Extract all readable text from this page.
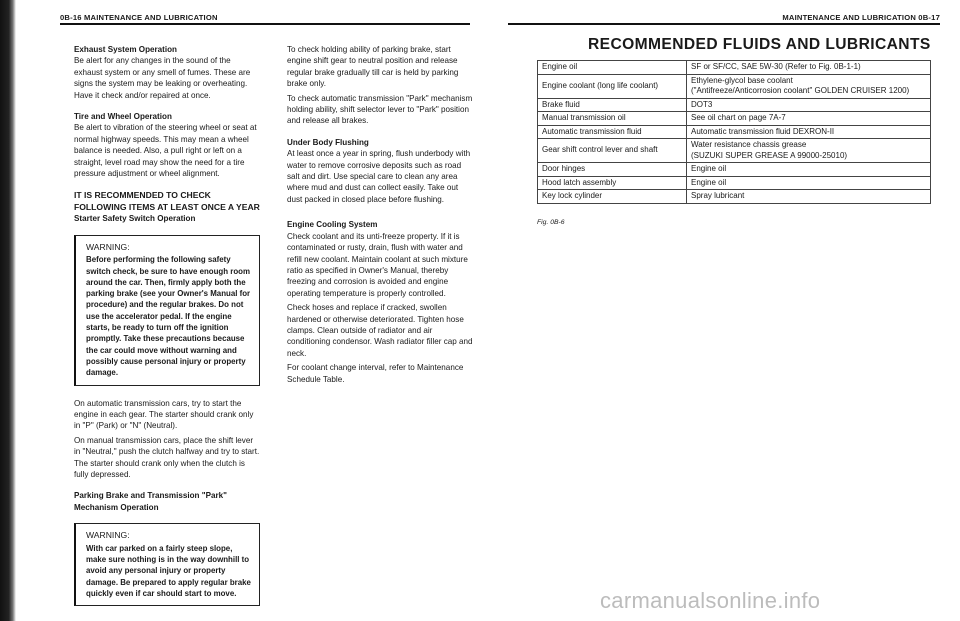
0B-16 MAINTENANCE AND LUBRICATION	MAINTENANCE AND LUBRICATION 0B-17
Exhaust System Operation

Be alert for any changes in the sound of the exhaust system or any smell of fumes. These are signs the system may be leaking or overheating. Have it check and/or repaired at once.

Tire and Wheel Operation

Be alert to vibration of the steering wheel or seat at normal highway speeds. This may mean a wheel balance is needed. Also, a pull right or left on a straight, level road may show the need for a tire pressure adjustment or wheel alignment.

IT IS RECOMMENDED TO CHECK FOLLOWING ITEMS AT LEAST ONCE A YEAR
Starter Safety Switch Operation
WARNING:
Before performing the following safety switch check, be sure to have enough room around the car. Then, firmly apply both the parking brake (see your Owner's Manual for procedure) and the regular brakes. Do not use the accelerator pedal. If the engine starts, be ready to turn off the ignition promptly. Take these precautions because the car could move without warning and possibly cause personal injury or property damage.

On automatic transmission cars, try to start the engine in each gear. The starter should crank only in "P" (Park) or "N" (Neutral).

On manual transmission cars, place the shift lever in "Neutral," push the clutch halfway and try to start. The starter should crank only when the clutch is fully depressed.

Parking Brake and Transmission "Park"
Mechanism Operation
WARNING:
With car parked on a fairly steep slope, make sure nothing is in the way downhill to avoid any personal injury or property damage. Be prepared to apply regular brake quickly even if car should start to move.

To check holding ability of parking brake, start engine shift gear to neutral position and release regular brake gradually till car is held by parking brake only.

To check automatic transmission "Park" mechanism holding ability, shift selector lever to "Park" position and release all brakes.

Under Body Flushing

At least once a year in spring, flush underbody with water to remove corrosive deposits such as road salt and dirt. Use special care to clean any area where mud and dust can collect easily. Take out dust packed in closed place before flushing.

Engine Cooling System

Check coolant and its unti-freeze property. If it is contaminated or rusty, drain, flush with water and refill new coolant. Maintain coolant at such mixture ratio as specified in Owner's Manual, thereby freezing and corrosion is avoided and engine operating temperature is properly controlled.

Check hoses and replace if cracked, swollen hardened or otherwise deteriorated. Tighten hose clamps. Clean outside of radiator and air conditioning condensor. Wash radiator filler cap and neck.

For coolant change interval, refer to Maintenance Schedule Table.

RECOMMENDED FLUIDS AND LUBRICANTS
Engine oil	SF or SF/CC, SAE 5W-30 (Refer to Fig. 0B-1-1)

Engine coolant (long life coolant)	Ethylene-glycol base coolant
("Antifreeze/Anticorrosion coolant" GOLDEN CRUISER 1200)

Brake fluid	DOT3

Manual transmission oil	See oil chart on page 7A-7

Automatic transmission fluid	Automatic transmission fluid DEXRON-II

Gear shift control lever and shaft	Water resistance chassis grease
(SUZUKI SUPER GREASE A 99000-25010)

Door hinges	Engine oil

Hood latch assembly	Engine oil

Key lock cylinder	Spray lubricant
Fig. 0B-6
carmanualsonline.info
